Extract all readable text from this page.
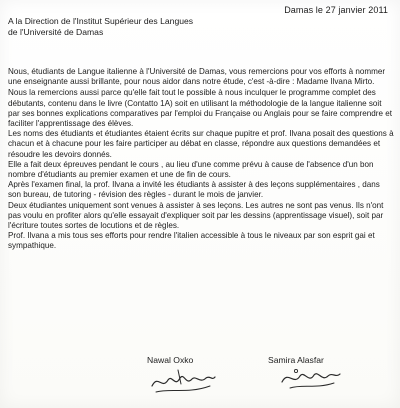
Damas le 27 janvier 2011
A la Direction de l'Institut Supérieur des Langues
de l'Université de Damas

Nous, étudiants de Langue italienne à l'Université de Damas, vous remercions pour vos efforts à nommer une enseignante aussi brillante, pour nous aidor dans notre étude, c'est -à-dire : Madame Ilvana Mirto.

Nous la remercions aussi parce qu'elle fait tout le possible à nous inculquer le programme complet des débutants, contenu dans le livre (Contatto 1A) soit en utilisant la méthodologie de la langue italienne soit par ses bonnes explications comparatives par l'emploi du Française ou Anglais pour se faire comprendre et faciliter l'apprentissage des élèves.

Les noms des étudiants et étudiantes étaient écrits sur chaque pupitre et prof. Ilvana posait des questions à chacun et à chacune pour les faire participer au débat en classe, répondre aux questions demandées et résoudre les devoirs donnés.

Elle a fait deux épreuves pendant le cours , au lieu d'une comme prévu à cause de l'absence d'un bon nombre d'étudiants au premier examen et une de fin de cours.

Après l'examen final, la prof. Ilvana a invité les étudiants à assister à des leçons supplémentaires , dans son bureau, de tutoring - révision des règles - durant le mois de janvier.

Deux étudiantes uniquement sont venues à assister à ses leçons. Les autres ne sont pas venus. Ils n'ont pas voulu en profiter alors qu'elle essayait d'expliquer soit par les dessins (apprentissage visuel), soit par l'écriture toutes sortes de locutions et de règles.

Prof. Ilvana a mis tous ses efforts pour rendre l'italien accessible à tous le niveaux par son esprit gai et sympathique.

Nawal Oxko	Samira Alasfar
